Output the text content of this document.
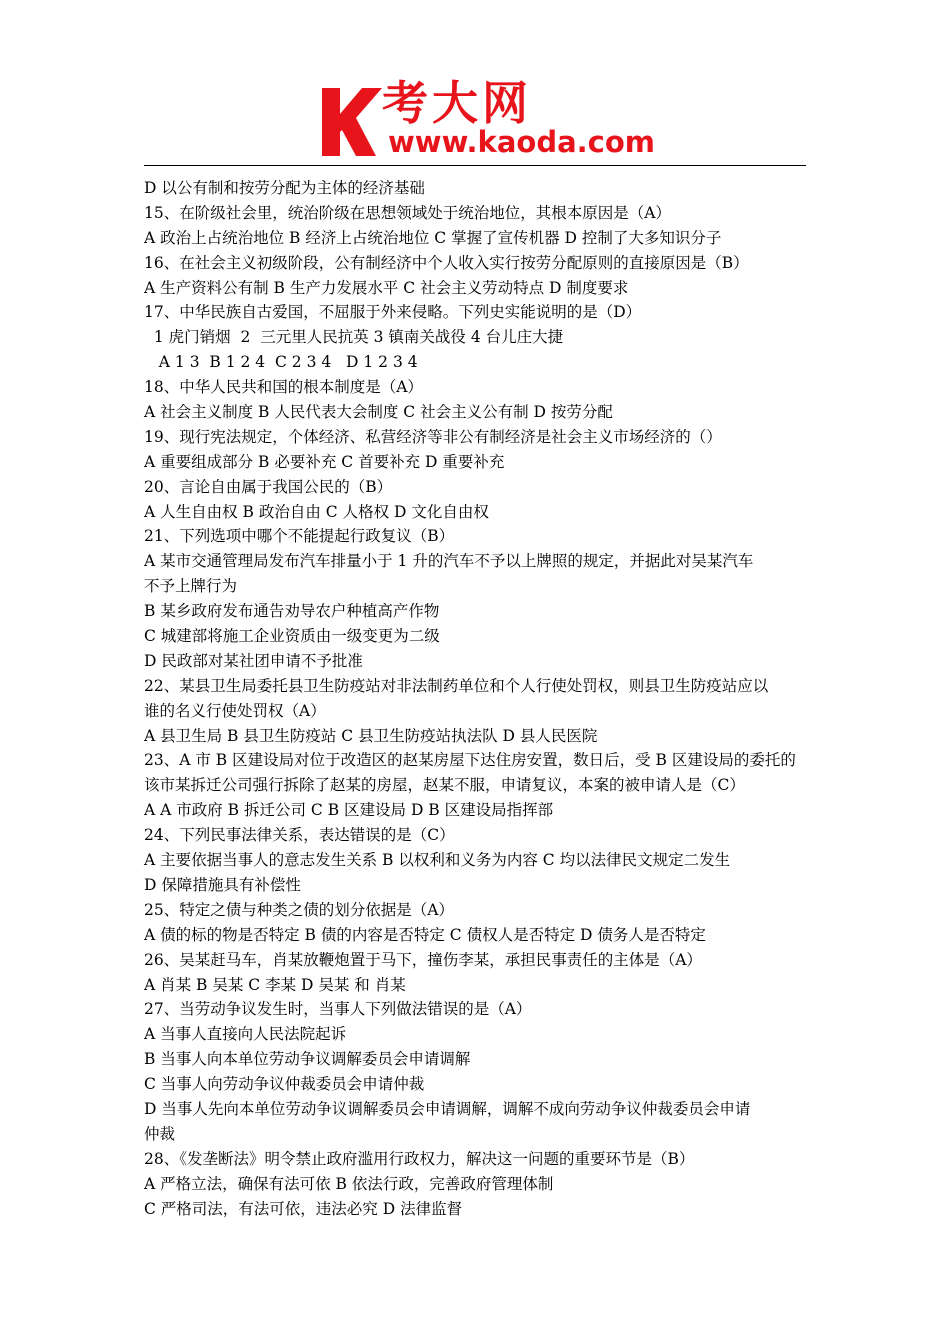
考大网
www.kaoda.com
D 以公有制和按劳分配为主体的经济基础
15、在阶级社会里，统治阶级在思想领域处于统治地位，其根本原因是（A）
A 政治上占统治地位 B 经济上占统治地位 C 掌握了宣传机器 D 控制了大多知识分子
16、在社会主义初级阶段，公有制经济中个人收入实行按劳分配原则的直接原因是（B）
A 生产资料公有制 B 生产力发展水平 C 社会主义劳动特点 D 制度要求
17、中华民族自古爱国，不屈服于外来侵略。下列史实能说明的是（D）
1 虎门销烟  2  三元里人民抗英 3 镇南关战役 4 台儿庄大捷
A 1 3  B 1 2 4  C 2 3 4   D 1 2 3 4
18、中华人民共和国的根本制度是（A）
A 社会主义制度 B 人民代表大会制度 C 社会主义公有制 D 按劳分配
19、现行宪法规定，个体经济、私营经济等非公有制经济是社会主义市场经济的（）
A 重要组成部分 B 必要补充 C 首要补充 D 重要补充
20、言论自由属于我国公民的（B）
A 人生自由权 B 政治自由 C 人格权 D 文化自由权
21、下列选项中哪个不能提起行政复议（B）
A 某市交通管理局发布汽车排量小于 1 升的汽车不予以上牌照的规定，并据此对吴某汽车
不予上牌行为
B 某乡政府发布通告劝导农户种植高产作物
C 城建部将施工企业资质由一级变更为二级
D 民政部对某社团申请不予批准
22、某县卫生局委托县卫生防疫站对非法制药单位和个人行使处罚权，则县卫生防疫站应以
谁的名义行使处罚权（A）
A 县卫生局 B 县卫生防疫站 C 县卫生防疫站执法队 D 县人民医院
23、A 市 B 区建设局对位于改造区的赵某房屋下达住房安置，数日后，受 B 区建设局的委托的
该市某拆迁公司强行拆除了赵某的房屋，赵某不服，申请复议，本案的被申请人是（C）
A A 市政府 B 拆迁公司 C B 区建设局 D B 区建设局指挥部
24、下列民事法律关系，表达错误的是（C）
A 主要依据当事人的意志发生关系 B 以权利和义务为内容 C 均以法律民文规定二发生
D 保障措施具有补偿性
25、特定之债与种类之债的划分依据是（A）
A 债的标的物是否特定 B 债的内容是否特定 C 债权人是否特定 D 债务人是否特定
26、吴某赶马车，肖某放鞭炮置于马下，撞伤李某，承担民事责任的主体是（A）
A 肖某 B 吴某 C 李某 D 吴某 和 肖某
27、当劳动争议发生时，当事人下列做法错误的是（A）
A 当事人直接向人民法院起诉
B 当事人向本单位劳动争议调解委员会申请调解
C 当事人向劳动争议仲裁委员会申请仲裁
D 当事人先向本单位劳动争议调解委员会申请调解，调解不成向劳动争议仲裁委员会申请
仲裁
28、《发垄断法》明令禁止政府滥用行政权力，解决这一问题的重要环节是（B）
A 严格立法，确保有法可依 B 依法行政，完善政府管理体制
C 严格司法，有法可依，违法必究 D 法律监督
